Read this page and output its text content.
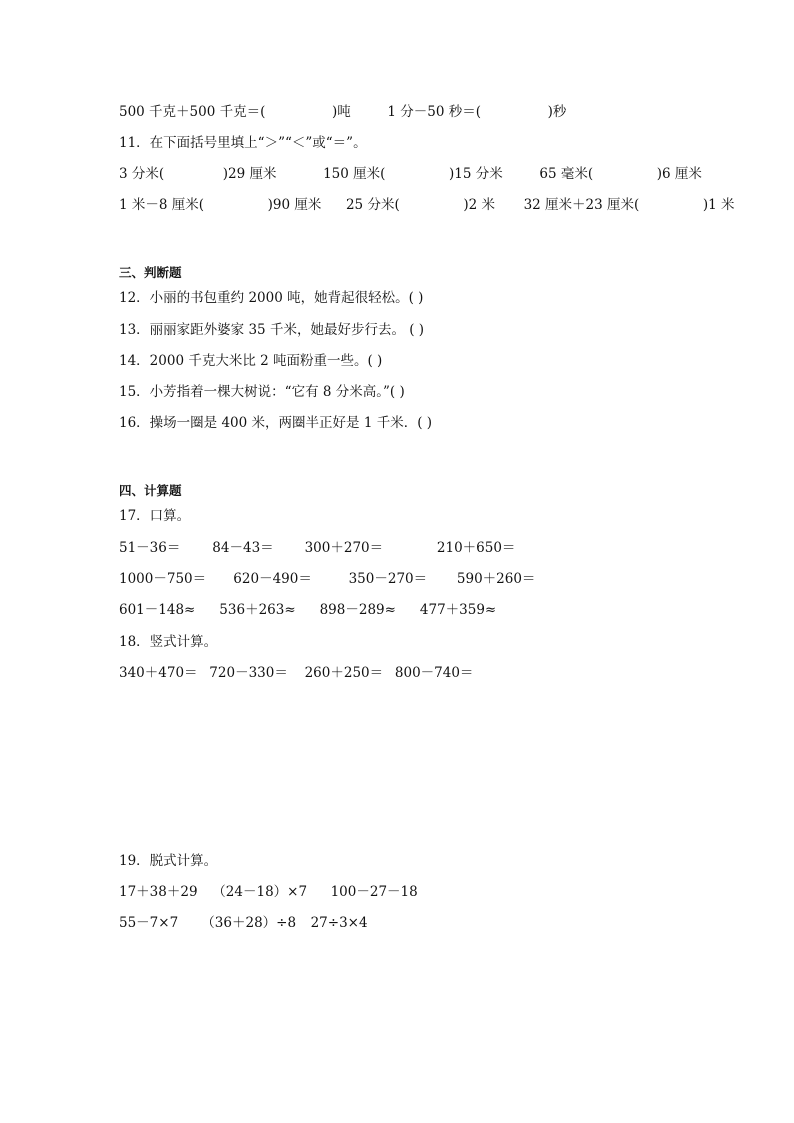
500 千克＋500 千克＝(	)吨	1 分－50 秒＝(	)秒
11．在下面括号里填上“＞”“＜”或“＝”。
3 分米(	)29 厘米	150 厘米(	)15 分米	65 毫米(	)6 厘米
1 米－8 厘米(	)90 厘米 25 分米(	)2 米 32 厘米＋23 厘米(	)1 米
三、判断题
12．小丽的书包重约 2000 吨，她背起很轻松。( )
13．丽丽家距外婆家 35 千米，她最好步行去。 ( )
14．2000 千克大米比 2 吨面粉重一些。( )
15．小芳指着一棵大树说：“它有 8 分米高。”( )
16．操场一圈是 400 米，两圈半正好是 1 千米．( )
四、计算题
17．口算。
51－36＝ 84－43＝ 300＋270＝	210＋650＝
1000－750＝ 620－490＝	350－270＝ 590＋260＝
601－148≈ 536＋263≈ 898－289≈ 477＋359≈
18．竖式计算。
340＋470＝ 720－330＝ 260＋250＝ 800－740＝
19．脱式计算。
17＋38＋29 （24－18）×7 100－27－18
55－7×7 （36＋28）÷8 27÷3×4
